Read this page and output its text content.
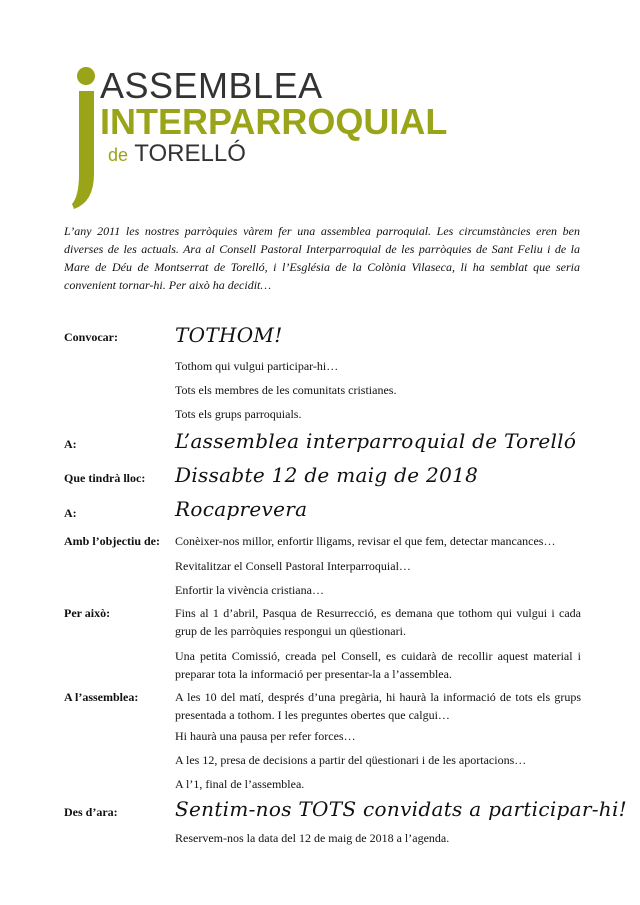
ASSEMBLEA
INTERPARROQUIAL
de TORELLÓ

L’any 2011 les nostres parròquies vàrem fer una assemblea parroquial. Les circumstàncies eren ben diverses de les actuals. Ara al Consell Pastoral Interparroquial de les parròquies de Sant Feliu i de la Mare de Déu de Montserrat de Torelló, i l’Església de la Colònia Vilaseca, li ha semblat que seria convenient tornar-hi. Per això ha decidit…

Convocar:	TOTHOM!
Tothom qui vulgui participar-hi…
Tots els membres de les comunitats cristianes.
Tots els grups parroquials.
A:	L’assemblea interparroquial de Torelló
Que tindrà lloc: Dissabte 12 de maig de 2018
A:	Rocaprevera
Amb l’objectiu de: Conèixer-nos millor, enfortir lligams, revisar el que fem, detectar mancances…
Revitalitzar el Consell Pastoral Interparroquial…
Enfortir la vivència cristiana…
Per això:	Fins al 1 d’abril, Pasqua de Resurrecció, es demana que tothom qui vulgui i cada grup de les parròquies respongui un qüestionari.
Una petita Comissió, creada pel Consell, es cuidarà de recollir aquest material i preparar tota la informació per presentar-la a l’assemblea.
A l’assemblea:	A les 10 del matí, després d’una pregària, hi haurà la informació de tots els grups presentada a tothom. I les preguntes obertes que calgui…
Hi haurà una pausa per refer forces…
A les 12, presa de decisions a partir del qüestionari i de les aportacions…
A l’1, final de l’assemblea.
Des d’ara:	Sentim-nos TOTS convidats a participar-hi!
Reservem-nos la data del 12 de maig de 2018 a l’agenda.
